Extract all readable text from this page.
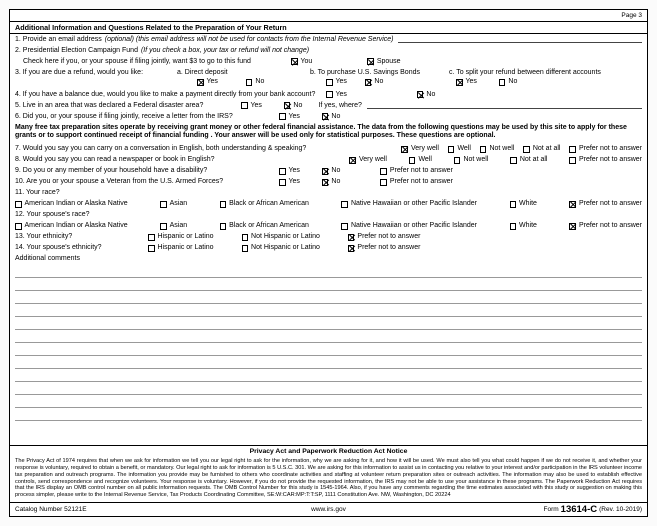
Page 3
Additional Information and Questions Related to the Preparation of Your Return
1. Provide an email address (optional) (this email address will not be used for contacts from the Internal Revenue Service)
2. Presidential Election Campaign Fund (If you check a box, your tax or refund will not change)
Check here if you, or your spouse if filing jointly, want $3 to go to this fund	You	Spouse
3. If you are due a refund, would you like:	a. Direct deposit	b. To purchase U.S. Savings Bonds	c. To split your refund between different accounts
Yes	No	Yes	No	Yes	No
4. If you have a balance due, would you like to make a payment directly from your bank account?	Yes	No
5. Live in an area that was declared a Federal disaster area?	Yes	No If yes, where?
6. Did you, or your spouse if filing jointly, receive a letter from the IRS?	Yes	No
Many free tax preparation sites operate by receiving grant money or other federal financial assistance. The data from the following questions may be used by this site to apply for these grants or to support continued receipt of financial funding . Your answer will be used only for statistical purposes. These questions are optional.
7. Would you say you can carry on a conversation in English, both understanding & speaking?	Very well	Well	Not well	Not at all	Prefer not to answer
8. Would you say you can read a newspaper or book in English?	Very well	Well	Not well	Not at all	Prefer not to answer
9. Do you or any member of your household have a disability?	Yes	No	Prefer not to answer
10. Are you or your spouse a Veteran from the U.S. Armed Forces?	Yes	No	Prefer not to answer
11. Your race?
American Indian or Alaska Native	Asian	Black or African American	Native Hawaiian or other Pacific Islander	White	Prefer not to answer
12. Your spouse's race?
American Indian or Alaska Native	Asian	Black or African American	Native Hawaiian or other Pacific Islander	White	Prefer not to answer
13. Your ethnicity?	Hispanic or Latino	Not Hispanic or Latino	Prefer not to answer
14. Your spouse's ethnicity?	Hispanic or Latino	Not Hispanic or Latino	Prefer not to answer
Additional comments
Privacy Act and Paperwork Reduction Act Notice
The Privacy Act of 1974 requires that when we ask for information we tell you our legal right to ask for the information, why we are asking for it, and how it will be used. We must also tell you what could happen if we do not receive it, and whether your response is voluntary, required to obtain a benefit, or mandatory. Our legal right to ask for information is 5 U.S.C. 301. We are asking for this information to assist us in contacting you relative to your interest and/or participation in the IRS volunteer income tax preparation and outreach programs. The information you provide may be furnished to others who coordinate activities and staffing at volunteer return preparation sites or outreach activities. The information may also be used to establish effective controls, send correspondence and recognize volunteers. Your response is voluntary. However, if you do not provide the requested information, the IRS may not be able to use your assistance in these programs. The Paperwork Reduction Act requires that the IRS display an OMB control number on all public information requests. The OMB Control Number for this study is 1545-1964. Also, if you have any comments regarding the time estimates associated with this study or suggestion on making this process simpler, please write to the Internal Revenue Service, Tax Products Coordinating Committee, SE:W:CAR:MP:T:T:SP, 1111 Constitution Ave. NW, Washington, DC 20224
Catalog Number 52121E	www.irs.gov	Form 13614-C (Rev. 10-2019)
